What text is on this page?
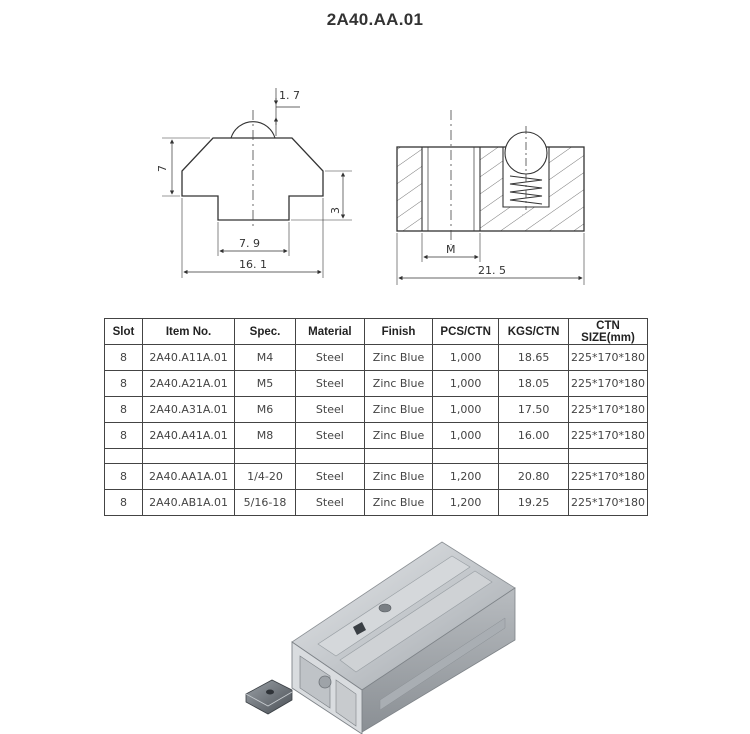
2A40.AA.01
1. 7
7
3
7. 9
16. 1
M
21. 5
Slot	Item No.	Spec.	Material	Finish	PCS/CTN	KGS/CTN	CTN SIZE(mm)
8	2A40.A11A.01	M4	Steel	Zinc Blue	1,000	18.65	225*170*180
8	2A40.A21A.01	M5	Steel	Zinc Blue	1,000	18.05	225*170*180
8	2A40.A31A.01	M6	Steel	Zinc Blue	1,000	17.50	225*170*180
8	2A40.A41A.01	M8	Steel	Zinc Blue	1,000	16.00	225*170*180

8	2A40.AA1A.01	1/4-20	Steel	Zinc Blue	1,200	20.80	225*170*180
8	2A40.AB1A.01	5/16-18	Steel	Zinc Blue	1,200	19.25	225*170*180
